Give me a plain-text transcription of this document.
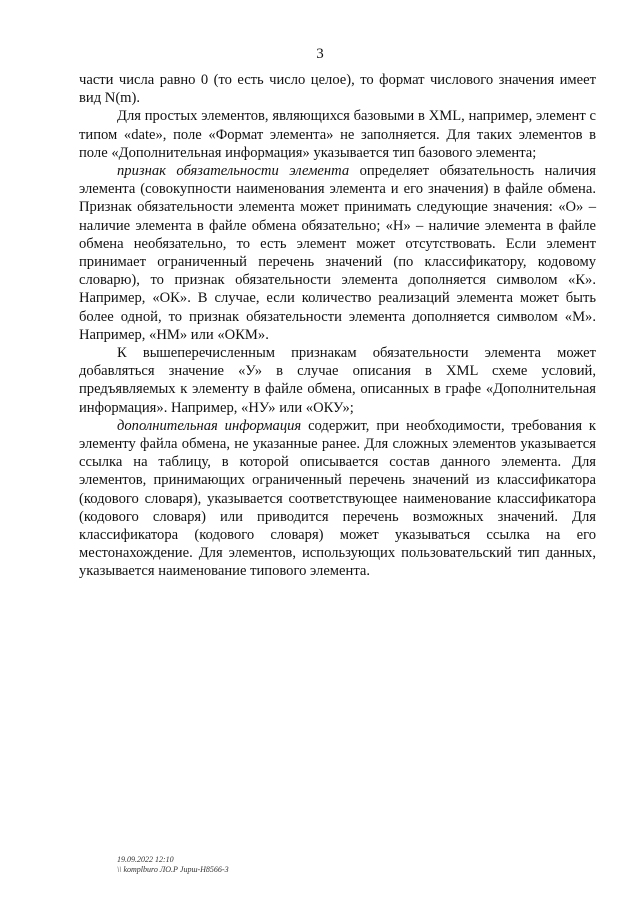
3

части числа равно 0 (то есть число целое), то формат числового значения имеет вид N(m).

Для простых элементов, являющихся базовыми в XML, например, элемент с типом «date», поле «Формат элемента» не заполняется. Для таких элементов в поле «Дополнительная информация» указывается тип базового элемента;

признак обязательности элемента определяет обязательность наличия элемента (совокупности наименования элемента и его значения) в файле обмена. Признак обязательности элемента может принимать следующие значения: «О» – наличие элемента в файле обмена обязательно; «Н» – наличие элемента в файле обмена необязательно, то есть элемент может отсутствовать. Если элемент принимает ограниченный перечень значений (по классификатору, кодовому словарю), то признак обязательности элемента дополняется символом «К». Например, «ОК». В случае, если количество реализаций элемента может быть более одной, то признак обязательности элемента дополняется символом «М». Например, «НМ» или «ОКМ».

К вышеперечисленным признакам обязательности элемента может добавляться значение «У» в случае описания в XML схеме условий, предъявляемых к элементу в файле обмена, описанных в графе «Дополнительная информация». Например, «НУ» или «ОКУ»;

дополнительная информация содержит, при необходимости, требования к элементу файла обмена, не указанные ранее. Для сложных элементов указывается ссылка на таблицу, в которой описывается состав данного элемента. Для элементов, принимающих ограниченный перечень значений из классификатора (кодового словаря), указывается соответствующее наименование классификатора (кодового словаря) или приводится перечень возможных значений. Для классификатора (кодового словаря) может указываться ссылка на его местонахождение. Для элементов, использующих пользовательский тип данных, указывается наименование типового элемента.

19.09.2022 12:10
\\ komplburo ЛО.Р Jирш-H8566-3
